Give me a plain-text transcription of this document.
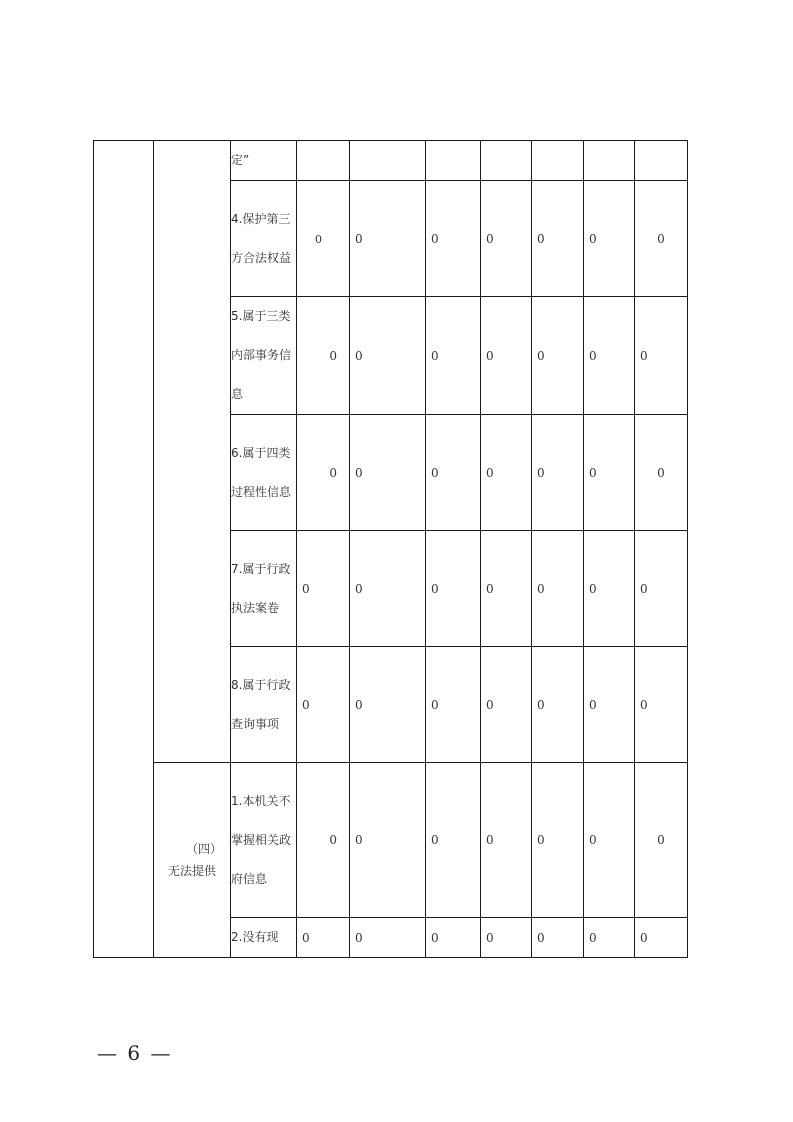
		定”							
		4.保护第三方合法权益	0	0	0	0	0	0	0
		5.属于三类内部事务信息	0	0	0	0	0	0	0
		6.属于四类过程性信息	0	0	0	0	0	0	0
		7.属于行政执法案卷	0	0	0	0	0	0	0
		8.属于行政查询事项	0	0	0	0	0	0	0

	（四）
无法提供	1.本机关不掌握相关政府信息	0	0	0	0	0	0	0
		2.没有现	0	0	0	0	0	0	0
— 6 —
